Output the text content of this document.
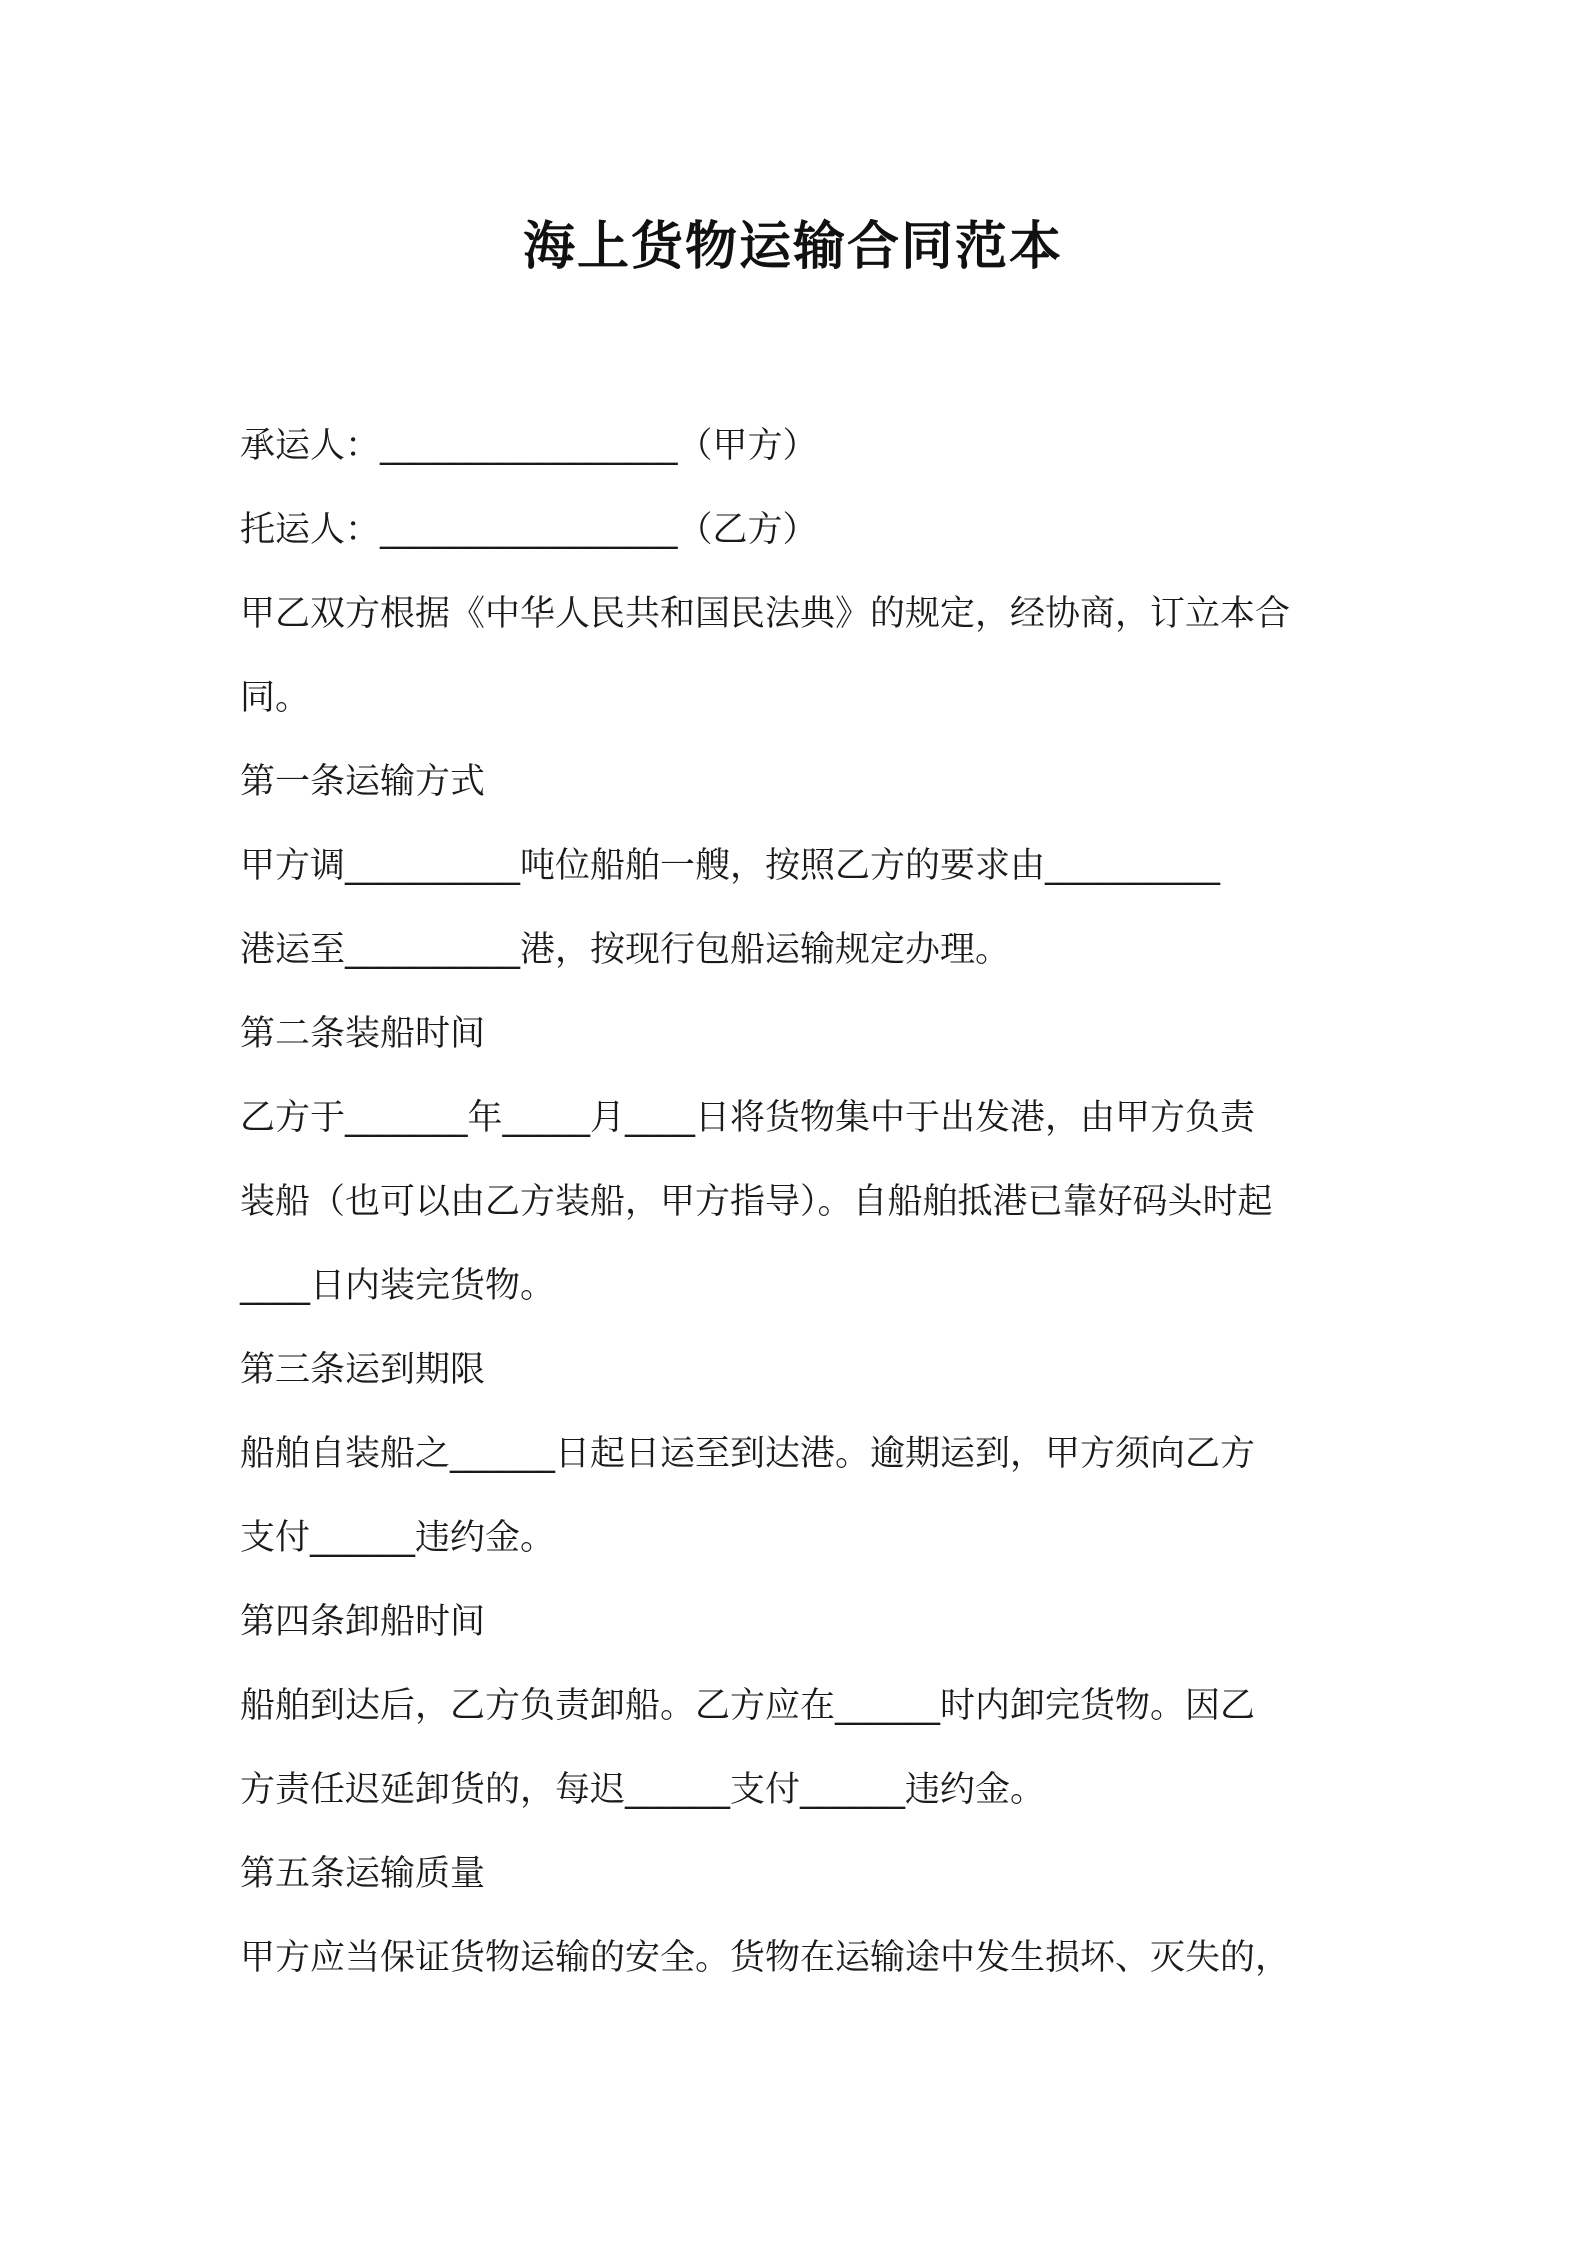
海上货物运输合同范本
承运人：_________________（甲方）
托运人：_________________（乙方）
甲乙双方根据《中华人民共和国民法典》的规定，经协商，订立本合
同。
第一条运输方式
甲方调__________吨位船舶一艘，按照乙方的要求由__________
港运至__________港，按现行包船运输规定办理。
第二条装船时间
乙方于_______年_____月____日将货物集中于出发港，由甲方负责
装船（也可以由乙方装船，甲方指导）。自船舶抵港已靠好码头时起
____日内装完货物。
第三条运到期限
船舶自装船之______日起日运至到达港。逾期运到，甲方须向乙方
支付______违约金。
第四条卸船时间
船舶到达后，乙方负责卸船。乙方应在______时内卸完货物。因乙
方责任迟延卸货的，每迟______支付______违约金。
第五条运输质量
甲方应当保证货物运输的安全。货物在运输途中发生损坏、灭失的，
